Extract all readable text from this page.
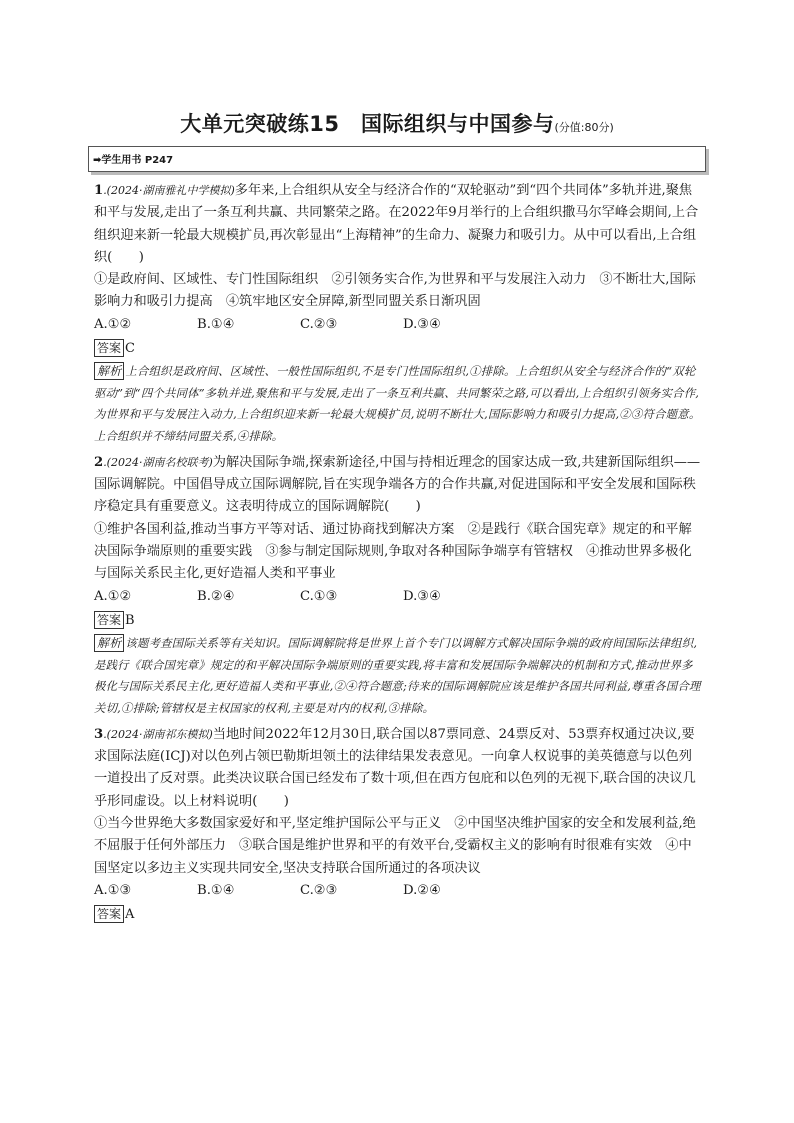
大单元突破练15　国际组织与中国参与(分值:80分)
➡学生用书 P247

1.(2024·湖南雅礼中学模拟)多年来,上合组织从安全与经济合作的“双轮驱动”到“四个共同体”多轨并进,聚焦和平与发展,走出了一条互利共赢、共同繁荣之路。在2022年9月举行的上合组织撒马尔罕峰会期间,上合组织迎来新一轮最大规模扩员,再次彰显出“上海精神”的生命力、凝聚力和吸引力。从中可以看出,上合组织(　　)

①是政府间、区域性、专门性国际组织　②引领务实合作,为世界和平与发展注入动力　③不断壮大,国际影响力和吸引力提高　④筑牢地区安全屏障,新型同盟关系日渐巩固

A.①②	B.①④	C.②③	D.③④
答案 C

解析 上合组织是政府间、区域性、一般性国际组织,不是专门性国际组织,①排除。上合组织从安全与经济合作的“双轮驱动”到“四个共同体”多轨并进,聚焦和平与发展,走出了一条互利共赢、共同繁荣之路,可以看出,上合组织引领务实合作,为世界和平与发展注入动力,上合组织迎来新一轮最大规模扩员,说明不断壮大,国际影响力和吸引力提高,②③符合题意。上合组织并不缔结同盟关系,④排除。

2.(2024·湖南名校联考)为解决国际争端,探索新途径,中国与持相近理念的国家达成一致,共建新国际组织——国际调解院。中国倡导成立国际调解院,旨在实现争端各方的合作共赢,对促进国际和平安全发展和国际秩序稳定具有重要意义。这表明待成立的国际调解院(　　)

①维护各国利益,推动当事方平等对话、通过协商找到解决方案　②是践行《联合国宪章》规定的和平解决国际争端原则的重要实践　③参与制定国际规则,争取对各种国际争端享有管辖权　④推动世界多极化与国际关系民主化,更好造福人类和平事业

A.①②	B.②④	C.①③	D.③④
答案 B

解析 该题考查国际关系等有关知识。国际调解院将是世界上首个专门以调解方式解决国际争端的政府间国际法律组织,是践行《联合国宪章》规定的和平解决国际争端原则的重要实践,将丰富和发展国际争端解决的机制和方式,推动世界多极化与国际关系民主化,更好造福人类和平事业,②④符合题意;待来的国际调解院应该是维护各国共同利益,尊重各国合理关切,①排除;管辖权是主权国家的权利,主要是对内的权利,③排除。

3.(2024·湖南祁东模拟)当地时间2022年12月30日,联合国以87票同意、24票反对、53票弃权通过决议,要求国际法庭(ICJ)对以色列占领巴勒斯坦领土的法律结果发表意见。一向拿人权说事的美英德意与以色列一道投出了反对票。此类决议联合国已经发布了数十项,但在西方包庇和以色列的无视下,联合国的决议几乎形同虚设。以上材料说明(　　)

①当今世界绝大多数国家爱好和平,坚定维护国际公平与正义　②中国坚决维护国家的安全和发展利益,绝不屈服于任何外部压力　③联合国是维护世界和平的有效平台,受霸权主义的影响有时很难有实效　④中国坚定以多边主义实现共同安全,坚决支持联合国所通过的各项决议

A.①③	B.①④	C.②③	D.②④
答案 A
